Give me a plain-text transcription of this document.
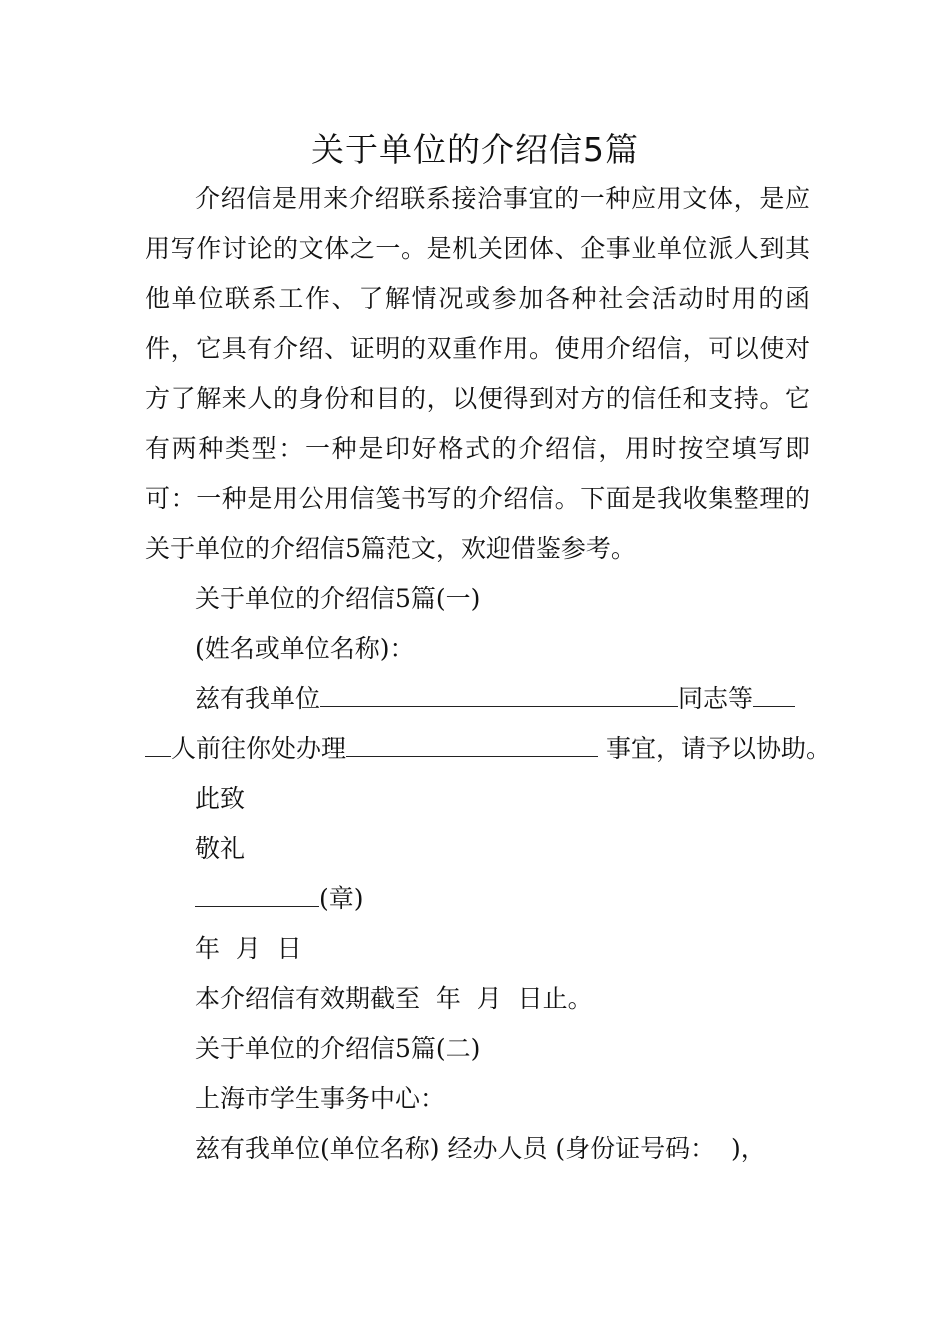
关于单位的介绍信5篇

介绍信是用来介绍联系接洽事宜的一种应用文体，是应用写作讨论的文体之一。是机关团体、企事业单位派人到其他单位联系工作、了解情况或参加各种社会活动时用的函件，它具有介绍、证明的双重作用。使用介绍信，可以使对方了解来人的身份和目的，以便得到对方的信任和支持。它有两种类型：一种是印好格式的介绍信，用时按空填写即可：一种是用公用信笺书写的介绍信。下面是我收集整理的关于单位的介绍信5篇范文，欢迎借鉴参考。

关于单位的介绍信5篇(一)

(姓名或单位名称)：

兹有我单位	同志等
人前往你处办理	事宜，请予以协助。

此致

敬礼

(章)

年  月  日

本介绍信有效期截至  年  月  日止。

关于单位的介绍信5篇(二)

上海市学生事务中心：

兹有我单位(单位名称) 经办人员 (身份证号码：  )，
